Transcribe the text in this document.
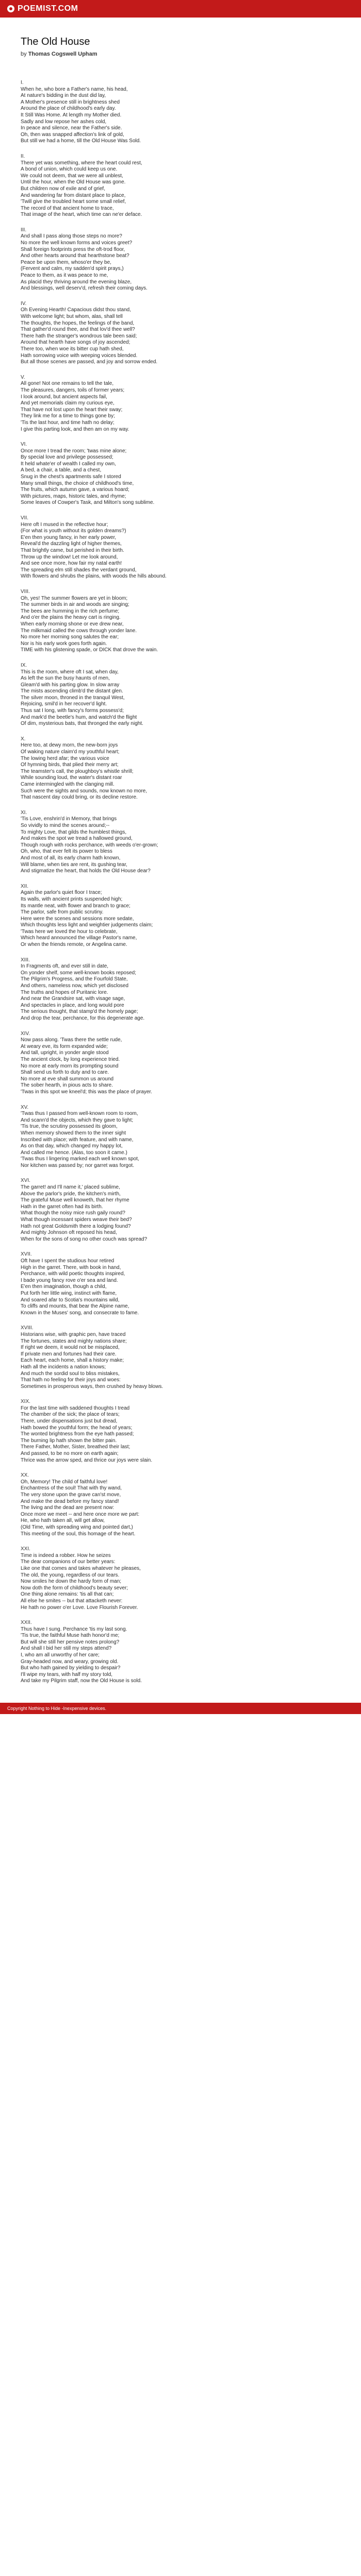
POEMIST.COM
The Old House
by Thomas Cogswell Upham
I.
When he, who bore a Father's name, his head,
At nature's bidding in the dust did lay,
A Mother's presence still in brightness shed
Around the place of childhood's early day.
It Still Was Home. At length my Mother died.
Sadly and low repose her ashes cold,
In peace and silence, near the Father's side.
Oh, then was snapped affection's link of gold,
But still we had a home, till the Old House Was Sold.
II.
There yet was something, where the heart could rest,
A bond of union, which could keep us one.
We could not deem, that we were all unblest,
Until the hour, when the Old House was gone.
But children now of exile and of grief,
And wandering far from distant place to place,
'Twill give the troubled heart some small relief,
The record of that ancient home to trace,
That image of the heart, which time can ne'er deface.
III.
And shall I pass along those steps no more?
No more the well known forms and voices greet?
Shall foreign footprints press the oft-trod floor,
And other hearts around that hearthstone beat?
Peace be upon them, whoso'er they be,
(Fervent and calm, my sadden'd spirit prays,)
Peace to them, as it was peace to me,
As placid they thriving around the evening blaze,
And blessings, well deserv'd, refresh their coming days.
IV.
Oh Evening Hearth! Capacious didst thou stand,
With welcome light; but whom, alas, shall tell
The thoughts, the hopes, the feelings of the band,
That gather'd round thee, and that lov'd thee well?
There hath the stranger's wondrous tale been said;
Around that hearth have songs of joy ascended;
There too, when woe its bitter cup hath shed,
Hath sorrowing voice with weeping voices blended.
But all those scenes are passed, and joy and sorrow ended.
V.
All gone! Not one remains to tell the tale,
The pleasures, dangers, toils of former years;
I look around, but ancient aspects fail,
And yet memorials claim my curious eye,
That have not lost upon the heart their sway;
They link me for a time to things gone by;
'Tis the last hour, and time hath no delay;
I give this parting look, and then am on my way.
VI.
Once more I tread the room; 'twas mine alone;
By special love and privilege possessed;
It held whate'er of wealth I called my own,
A bed, a chair, a table, and a chest,
Snug in the chest's apartments safe I stored
Many small things, the choice of childhood's time,
The fruits, which autumn gave, a various hoard;
With pictures, maps, historic tales, and rhyme;
Some leaves of Cowper's Task, and Milton's song sublime.
VII.
Here oft I mused in the reflective hour;
(For what is youth without its golden dreams?)
E'en then young fancy, in her early power,
Reveal'd the dazzling light of higher themes,
That brightly came, but perished in their birth.
Throw up the window! Let me look around,
And see once more, how fair my natal earth!
The spreading elm still shades the verdant ground,
With flowers and shrubs the plains, with woods the hills abound.
VIII.
Oh, yes! The summer flowers are yet in bloom;
The summer birds in air and woods are singing;
The bees are humming in the rich perfume;
And o'er the plains the heavy cart is ringing.
When early morning shone or eve drew near,
The milkmaid called the cows through yonder lane.
No more her morning song salutes the ear;
Nor is his early work goes forth again.
TIME with his glistening spade, or DICK that drove the wain.
IX.
This is the room, where oft I sat, when day,
As left the sun the busy haunts of men,
Gleam'd with his parting glow. In slow array
The mists ascending climb'd the distant glen.
The silver moon, throned in the tranquil West,
Rejoicing, smil'd in her recover'd light.
Thus sat I long, with fancy's forms possess'd;
And mark'd the beetle's hum, and watch'd the flight
Of dim, mysterious bats, that thronged the early night.
X.
Here too, at dewy morn, the new-born joys
Of waking nature claim'd my youthful heart;
The lowing herd afar; the various voice
Of hymning birds, that plied their merry art;
The teamster's call, the ploughboy's whistle shrill;
While sounding loud, the water's distant roar
Came intermingled with the clanging mill.
Such were the sights and sounds, now known no more,
That nascent day could bring, or its decline restore.
XI.
'Tis Love, enshrin'd in Memory, that brings
So vividly to mind the scenes around;--
To mighty Love, that gilds the humblest things,
And makes the spot we tread a hallowed ground,
Though rough with rocks perchance, with weeds o'er-grown;
Oh, who, that ever felt its power to bless
And most of all, its early charm hath known,
Will blame, when ties are rent, its gushing tear,
And stigmatize the heart, that holds the Old House dear?
XII.
Again the parlor's quiet floor I trace;
Its walls, with ancient prints suspended high;
Its mantle neat, with flower and branch to grace;
The parlor, safe from public scrutiny.
Here were the scenes and sessions more sedate,
Which thoughts less light and weightier judgements claim;
'Twas here we loved the hour to celebrate,
Which heard announced the village Pastor's name,
Or when the friends remote, or Angelina came.
XIII.
In Fragments oft, and ever still in date,
On yonder shelf, some well-known books reposed;
The Pilgrim's Progress, and the Fourfold State,
And others, nameless now, which yet disclosed
The truths and hopes of Puritanic lore.
And near the Grandsire sat, with visage sage,
And spectacles in place, and long would pore
The serious thought, that stamp'd the homely page;
And drop the tear, perchance, for this degenerate age.
XIV.
Now pass along. 'Twas there the settle rude,
At weary eve, its form expanded wide;
And tall, upright, in yonder angle stood
The ancient clock, by long experience tried.
No more at early morn its prompting sound
Shall send us forth to duty and to care.
No more at eve shall summon us around
The sober hearth, in pious acts to share.
'Twas in this spot we kneel'd; this was the place of prayer.
XV.
'Twas thus I passed from well-known room to room,
And scann'd the objects, which they gave to light;
'Tis true, the scrutiny possessed its gloom,
When memory showed them to the inner sight
Inscribed with place; with feature, and with name,
As on that day, which changed my happy lot,
And called me hence. (Alas, too soon it came.)
'Twas thus I lingering marked each well known spot,
Nor kitchen was passed by; nor garret was forgot.
XVI.
The garret! and I'll name it,' placed sublime,
Above the parlor's pride, the kitchen's mirth,
The grateful Muse well knoweth, that her rhyme
Hath in the garret often had its birth.
What though the noisy mice rush gaily round?
What though incessant spiders weave their bed?
Hath not great Goldsmith there a lodging found?
And mighty Johnson oft reposed his head,
When for the sons of song no other couch was spread?
XVII.
Oft have I spent the studious hour retired
High in the garret. There, with book in hand,
Perchance, with wild poetic thoughts inspired,
I bade young fancy rove o'er sea and land.
E'en then imagination, though a child,
Put forth her little wing, instinct with flame,
And soared afar to Scotia's mountains wild,
To cliffs and mounts, that bear the Alpine name,
Known in the Muses' song, and consecrate to fame.
XVIII.
Historians wise, with graphic pen, have traced
The fortunes, states and mighty nations share;
If right we deem, it would not be misplaced,
If private men and fortunes had their care.
Each heart, each home, shall a history make;
Hath all the incidents a nation knows;
And much the sordid soul to bliss mistakes,
That hath no feeling for their joys and woes:
Sometimes in prosperous ways, then crushed by heavy blows.
XIX.
For the last time with saddened thoughts I tread
The chamber of the sick; the place of tears;
There, under dispensations just but dread,
Hath bowed the youthful form; the head of years;
The wonted brightness from the eye hath passed;
The burning lip hath shown the bitter pain.
There Father, Mother, Sister, breathed their last;
And passed, to be no more on earth again;
Thrice was the arrow sped, and thrice our joys were slain.
XX.
Oh, Memory! The child of faithful love!
Enchantress of the soul! That with thy wand,
The very stone upon the grave can'st move,
And make the dead before my fancy stand!
The living and the dead are present now:
Once more we meet -- and here once more we part:
He, who hath taken all, will get allow,
(Old Time, with spreading wing and pointed dart,)
This meeting of the soul, this homage of the heart.
XXI.
Time is indeed a robber. How he seizes
The dear companions of our better years:
Like one that comes and takes whatever he pleases,
The old, the young, regardless of our tears.
Now smiles he down the hardy form of man;
Now doth the form of childhood's beauty sever;
One thing alone remains: 'tis all that can;
All else he smites -- but that attacketh never:
He hath no power o'er Love. Love Flourish Forever.
XXII.
Thus have I sung. Perchance 'tis my last song.
'Tis true, the faithful Muse hath honor'd me;
But will she still her pensive notes prolong?
And shall I bid her still my steps attend?
I, who am all unworthy of her care;
Gray-headed now, and weary, growing old.
But who hath gained by yielding to despair?
I'll wipe my tears, with half my story told,
And take my Pilgrim staff, now the Old House is sold.
Copyright Nothing to Hide -Inexpensive devices.
